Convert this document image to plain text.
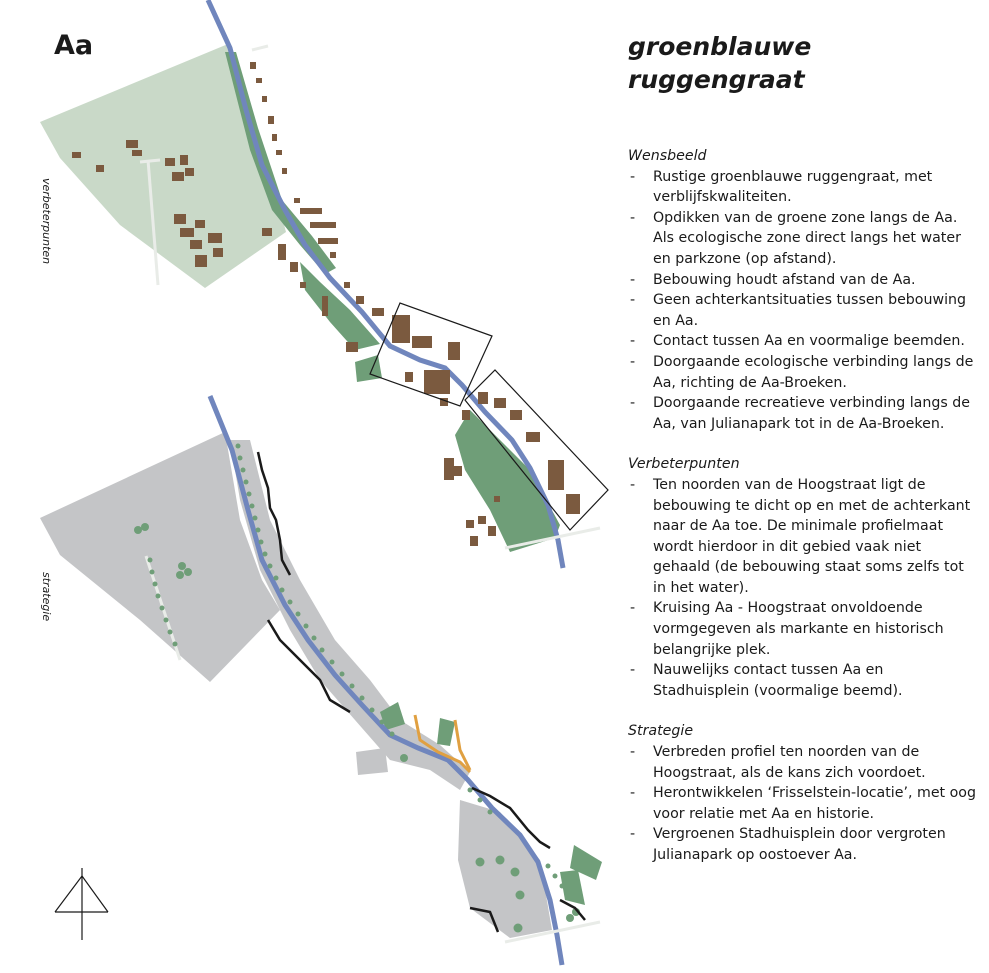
Aa	groenblauwe
ruggengraat
verbeterpunten
strategie

Wensbeeld

- Rustige groenblauwe ruggengraat, met verblijfskwaliteiten.
- Opdikken van de groene zone langs de Aa. Als ecologische zone direct langs het water en parkzone (op afstand).
- Bebouwing houdt afstand van de Aa.
- Geen achterkantsituaties tussen bebouwing en Aa.
- Contact tussen Aa en voormalige beemden.
- Doorgaande ecologische verbinding langs de Aa, richting de Aa-Broeken.
- Doorgaande recreatieve verbinding langs de Aa, van Julianapark tot in de Aa-Broeken.

Verbeterpunten

- Ten noorden van de Hoogstraat ligt de bebouwing te dicht op en met de achterkant naar de Aa toe. De minimale profielmaat wordt hierdoor in dit gebied vaak niet gehaald (de bebouwing staat soms zelfs tot in het water).
- Kruising Aa - Hoogstraat onvoldoende vormgegeven als markante en historisch belangrijke plek.
- Nauwelijks contact tussen Aa en Stadhuisplein (voormalige beemd).

Strategie

- Verbreden profiel ten noorden van de Hoogstraat, als de kans zich voordoet.
- Herontwikkelen ‘Frisselstein-locatie’, met oog voor relatie met Aa en historie.
- Vergroenen Stadhuisplein door vergroten Julianapark op oostoever Aa.
